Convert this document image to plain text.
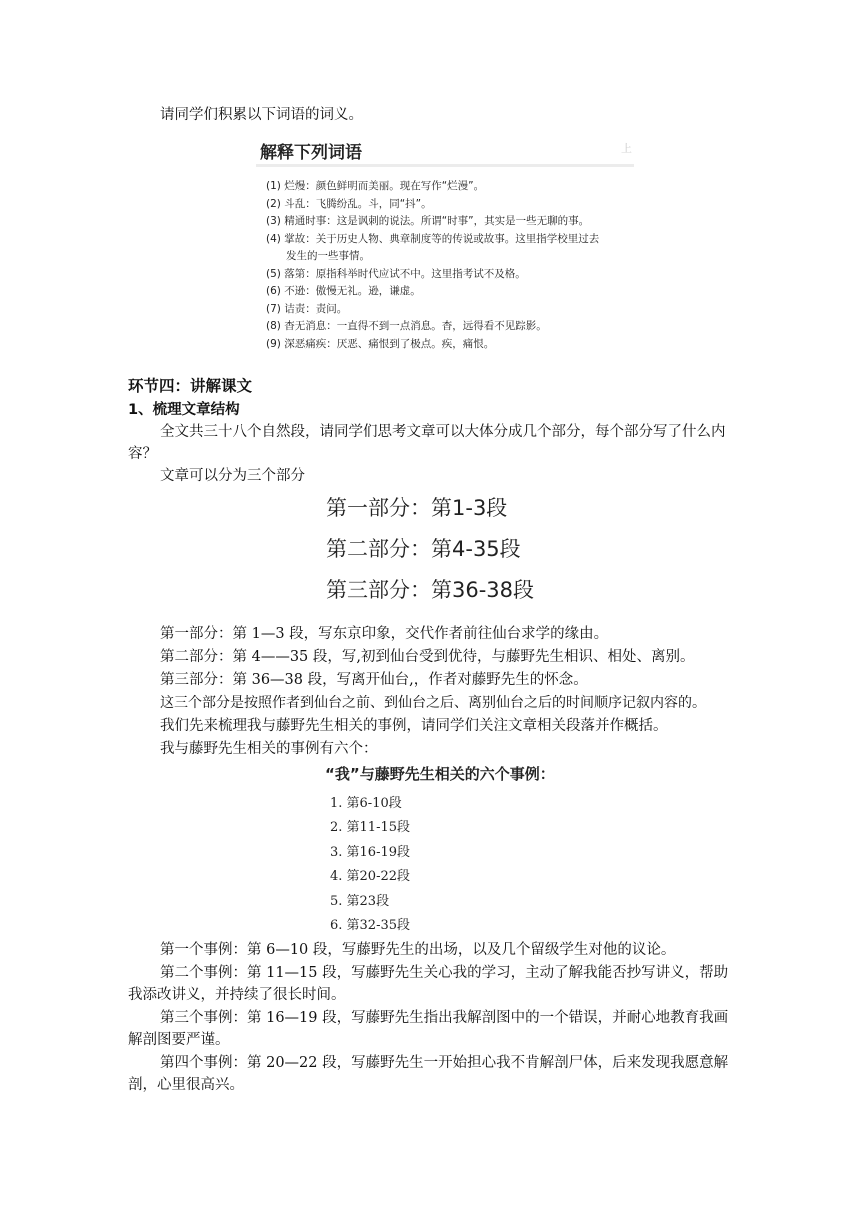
请同学们积累以下词语的词义。
解释下列词语	上
(1) 烂熳：颜色鲜明而美丽。现在写作“烂漫”。
(2) 斗乱：飞腾纷乱。斗，同“抖”。
(3) 精通时事：这是讽刺的说法。所谓“时事”，其实是一些无聊的事。
(4) 掌故：关于历史人物、典章制度等的传说或故事。这里指学校里过去
发生的一些事情。
(5) 落第：原指科举时代应试不中。这里指考试不及格。
(6) 不逊：傲慢无礼。逊，谦虚。
(7) 诘责：责问。
(8) 杳无消息：一直得不到一点消息。杳，远得看不见踪影。
(9) 深恶痛疾：厌恶、痛恨到了极点。疾，痛恨。
环节四：讲解课文
1、梳理文章结构
全文共三十八个自然段，请同学们思考文章可以大体分成几个部分，每个部分写了什么内容？
文章可以分为三个部分
第一部分：第1-3段
第二部分：第4-35段
第三部分：第36-38段
第一部分：第 1—3 段，写东京印象，交代作者前往仙台求学的缘由。
第二部分：第 4——35 段，写,初到仙台受到优待，与藤野先生相识、相处、离别。
第三部分：第 36—38 段，写离开仙台,，作者对藤野先生的怀念。
这三个部分是按照作者到仙台之前、到仙台之后、离别仙台之后的时间顺序记叙内容的。
我们先来梳理我与藤野先生相关的事例，请同学们关注文章相关段落并作概括。
我与藤野先生相关的事例有六个：
“我”与藤野先生相关的六个事例：
1. 第6-10段
2. 第11-15段
3. 第16-19段
4. 第20-22段
5. 第23段
6. 第32-35段
第一个事例：第 6—10 段，写藤野先生的出场，以及几个留级学生对他的议论。
第二个事例：第 11—15 段，写藤野先生关心我的学习，主动了解我能否抄写讲义，帮助我添改讲义，并持续了很长时间。
第三个事例：第 16—19 段，写藤野先生指出我解剖图中的一个错误，并耐心地教育我画解剖图要严谨。
第四个事例：第 20—22 段，写藤野先生一开始担心我不肯解剖尸体，后来发现我愿意解剖，心里很高兴。
